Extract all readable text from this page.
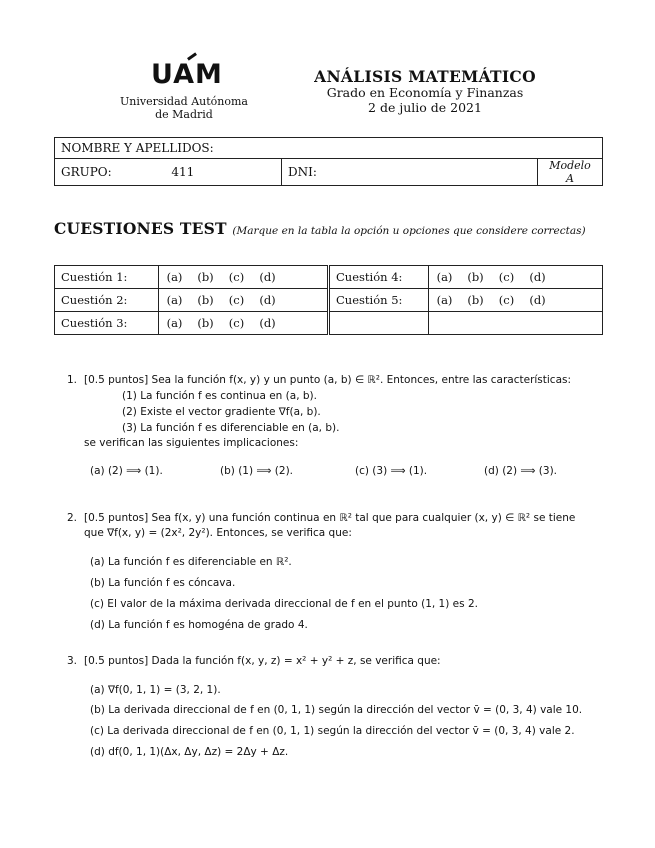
UAM
Universidad Autónoma
de Madrid
ANÁLISIS MATEMÁTICO
Grado en Economía y Finanzas
2 de julio de 2021
NOMBRE Y APELLIDOS:
GRUPO:	411	DNI:	Modelo A
CUESTIONES TEST (Marque en la tabla la opción u opciones que considere correctas)
Cuestión 1:	(a) (b) (c) (d)	Cuestión 4:	(a) (b) (c) (d)
Cuestión 2:	(a) (b) (c) (d)	Cuestión 5:	(a) (b) (c) (d)
Cuestión 3:	(a) (b) (c) (d)		
1. [0.5 puntos] Sea la función f(x, y) y un punto (a, b) ∈ ℝ². Entonces, entre las características:
(1) La función f es continua en (a, b).
(2) Existe el vector gradiente ∇f(a, b).
(3) La función f es diferenciable en (a, b).
se verifican las siguientes implicaciones:
(a) (2) ⟹ (1).	(b) (1) ⟹ (2).	(c) (3) ⟹ (1).	(d) (2) ⟹ (3).
2. [0.5 puntos] Sea f(x, y) una función continua en ℝ² tal que para cualquier (x, y) ∈ ℝ² se tiene
que ∇f(x, y) = (2x², 2y²). Entonces, se verifica que:
(a) La función f es diferenciable en ℝ².
(b) La función f es cóncava.
(c) El valor de la máxima derivada direccional de f en el punto (1, 1) es 2.
(d) La función f es homogéna de grado 4.
3. [0.5 puntos] Dada la función f(x, y, z) = x² + y² + z, se verifica que:
(a) ∇f(0, 1, 1) = (3, 2, 1).
(b) La derivada direccional de f en (0, 1, 1) según la dirección del vector v̄ = (0, 3, 4) vale 10.
(c) La derivada direccional de f en (0, 1, 1) según la dirección del vector v̄ = (0, 3, 4) vale 2.
(d) df(0, 1, 1)(Δx, Δy, Δz) = 2Δy + Δz.
